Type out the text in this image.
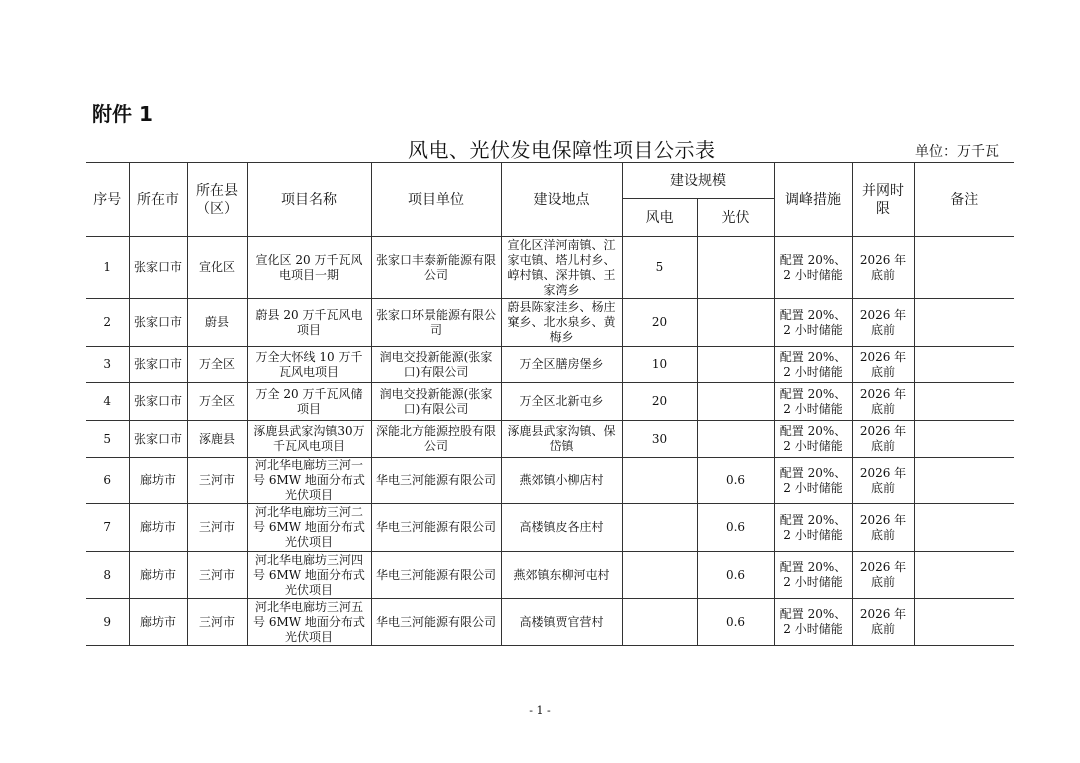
附件 1
风电、光伏发电保障性项目公示表	单位：万千瓦
序号	所在市	所在县（区）	项目名称	项目单位	建设地点	建设规模		调峰措施	并网时限	备注
						风电	光伏			
1	张家口市	宣化区	宣化区 20 万千瓦风电项目一期	张家口丰泰新能源有限公司	宣化区洋河南镇、江家屯镇、塔儿村乡、崞村镇、深井镇、王家湾乡	5		配置 20%、2 小时储能	2026 年底前	
2	张家口市	蔚县	蔚县 20 万千瓦风电项目	张家口环景能源有限公司	蔚县陈家洼乡、杨庄窠乡、北水泉乡、黄梅乡	20		配置 20%、2 小时储能	2026 年底前	
3	张家口市	万全区	万全大怀线 10 万千瓦风电项目	润电交投新能源(张家口)有限公司	万全区膳房堡乡	10		配置 20%、2 小时储能	2026 年底前	
4	张家口市	万全区	万全 20 万千瓦风储项目	润电交投新能源(张家口)有限公司	万全区北新屯乡	20		配置 20%、2 小时储能	2026 年底前	
5	张家口市	涿鹿县	涿鹿县武家沟镇30万千瓦风电项目	深能北方能源控股有限公司	涿鹿县武家沟镇、保岱镇	30		配置 20%、2 小时储能	2026 年底前	
6	廊坊市	三河市	河北华电廊坊三河一号 6MW 地面分布式光伏项目	华电三河能源有限公司	燕郊镇小柳店村		0.6	配置 20%、2 小时储能	2026 年底前	
7	廊坊市	三河市	河北华电廊坊三河二号 6MW 地面分布式光伏项目	华电三河能源有限公司	高楼镇皮各庄村		0.6	配置 20%、2 小时储能	2026 年底前	
8	廊坊市	三河市	河北华电廊坊三河四号 6MW 地面分布式光伏项目	华电三河能源有限公司	燕郊镇东柳河屯村		0.6	配置 20%、2 小时储能	2026 年底前	
9	廊坊市	三河市	河北华电廊坊三河五号 6MW 地面分布式光伏项目	华电三河能源有限公司	高楼镇贾官营村		0.6	配置 20%、2 小时储能	2026 年底前	
- 1 -
